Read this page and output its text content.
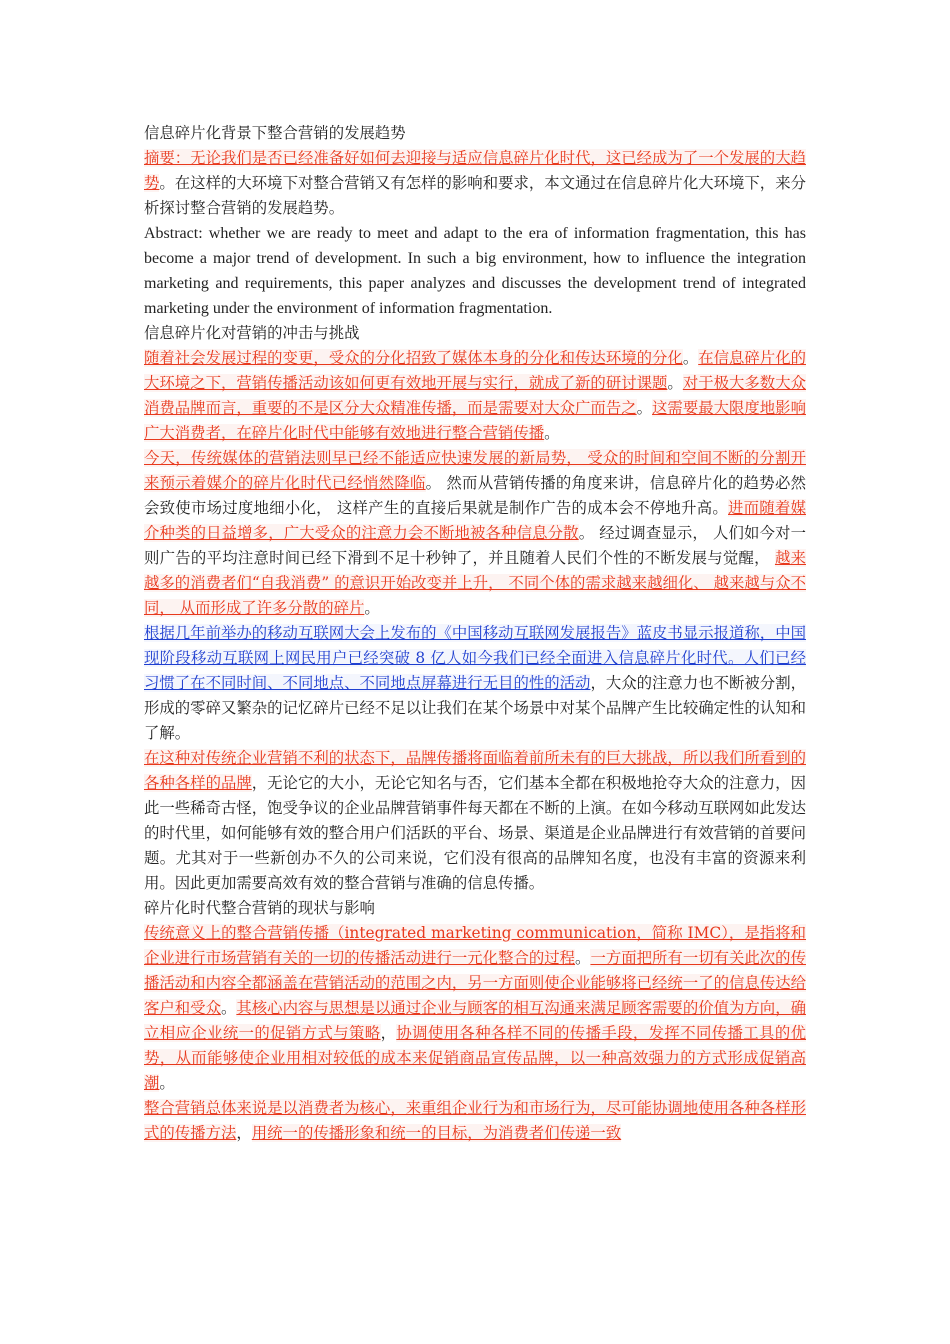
信息碎片化背景下整合营销的发展趋势

摘要：无论我们是否已经准备好如何去迎接与适应信息碎片化时代，这已经成为了一个发展的大趋势。在这样的大环境下对整合营销又有怎样的影响和要求，本文通过在信息碎片化大环境下，来分析探讨整合营销的发展趋势。

Abstract: whether we are ready to meet and adapt to the era of information fragmentation, this has become a major trend of development. In such a big environment, how to influence the integration marketing and requirements, this paper analyzes and discusses the development trend of integrated marketing under the environment of information fragmentation.

信息碎片化对营销的冲击与挑战

随着社会发展过程的变更，受众的分化招致了媒体本身的分化和传达环境的分化。在信息碎片化的大环境之下，营销传播活动该如何更有效地开展与实行，就成了新的研讨课题。对于极大多数大众消费品牌而言，重要的不是区分大众精准传播，而是需要对大众广而告之。这需要最大限度地影响广大消费者，在碎片化时代中能够有效地进行整合营销传播。

今天，传统媒体的营销法则早已经不能适应快速发展的新局势， 受众的时间和空间不断的分割开来预示着媒介的碎片化时代已经悄然降临。 然而从营销传播的角度来讲，信息碎片化的趋势必然会致使市场过度地细小化， 这样产生的直接后果就是制作广告的成本会不停地升高。进而随着媒介种类的日益增多，广大受众的注意力会不断地被各种信息分散。 经过调查显示， 人们如今对一则广告的平均注意时间已经下滑到不足十秒钟了，并且随着人民们个性的不断发展与觉醒， 越来越多的消费者们“自我消费” 的意识开始改变并上升， 不同个体的需求越来越细化、 越来越与众不同， 从而形成了许多分散的碎片。

根据几年前举办的移动互联网大会上发布的《中国移动互联网发展报告》蓝皮书显示报道称，中国现阶段移动互联网上网民用户已经突破 8 亿人如今我们已经全面进入信息碎片化时代。人们已经习惯了在不同时间、不同地点、不同地点屏幕进行无目的性的活动，大众的注意力也不断被分割，形成的零碎又繁杂的记忆碎片已经不足以让我们在某个场景中对某个品牌产生比较确定性的认知和了解。

在这种对传统企业营销不利的状态下，品牌传播将面临着前所未有的巨大挑战，所以我们所看到的各种各样的品牌，无论它的大小，无论它知名与否，它们基本全都在积极地抢夺大众的注意力，因此一些稀奇古怪，饱受争议的企业品牌营销事件每天都在不断的上演。在如今移动互联网如此发达的时代里，如何能够有效的整合用户们活跃的平台、场景、渠道是企业品牌进行有效营销的首要问题。尤其对于一些新创办不久的公司来说，它们没有很高的品牌知名度，也没有丰富的资源来利用。因此更加需要高效有效的整合营销与准确的信息传播。

碎片化时代整合营销的现状与影响

传统意义上的整合营销传播（integrated marketing communication，简称 IMC），是指将和企业进行市场营销有关的一切的传播活动进行一元化整合的过程。一方面把所有一切有关此次的传播活动和内容全都涵盖在营销活动的范围之内，另一方面则使企业能够将已经统一了的信息传达给客户和受众。其核心内容与思想是以通过企业与顾客的相互沟通来满足顾客需要的价值为方向，确立相应企业统一的促销方式与策略，协调使用各种各样不同的传播手段，发挥不同传播工具的优势，从而能够使企业用相对较低的成本来促销商品宣传品牌，以一种高效强力的方式形成促销高潮。

整合营销总体来说是以消费者为核心，来重组企业行为和市场行为，尽可能协调地使用各种各样形式的传播方法，用统一的传播形象和统一的目标，为消费者们传递一致
